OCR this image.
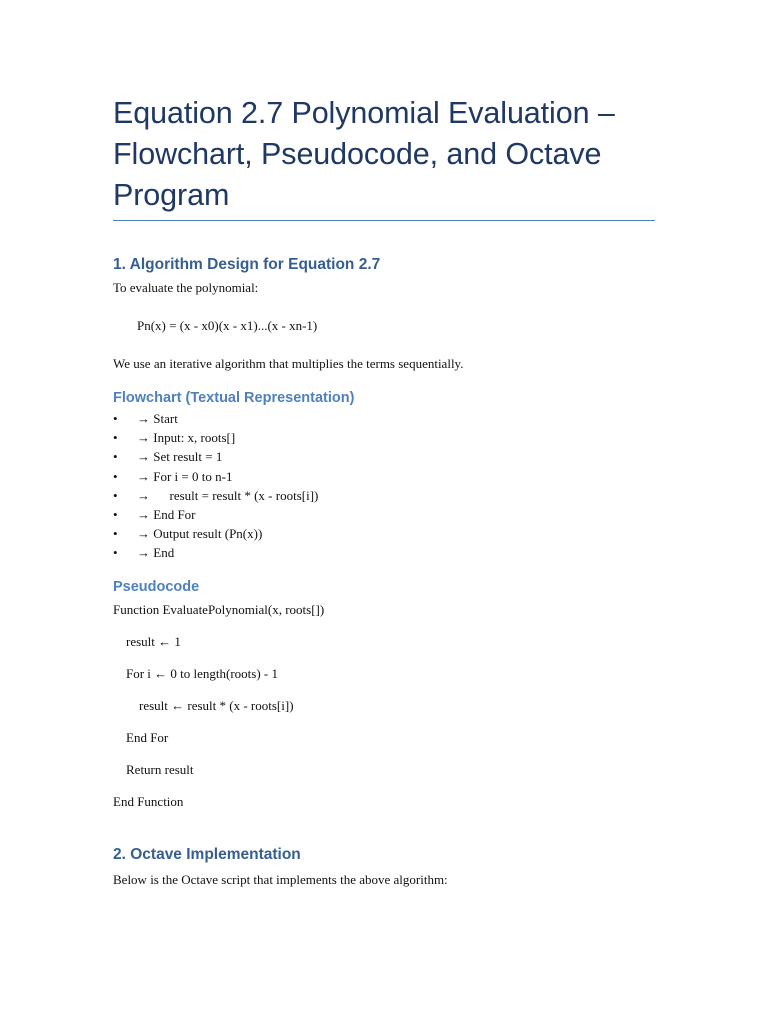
Equation 2.7 Polynomial Evaluation – Flowchart, Pseudocode, and Octave Program
1. Algorithm Design for Equation 2.7

To evaluate the polynomial:

Pn(x) = (x - x0)(x - x1)...(x - xn-1)

We use an iterative algorithm that multiplies the terms sequentially.

Flowchart (Textual Representation)
• → Start
• → Input: x, roots[]
• → Set result = 1
• → For i = 0 to n-1
• →      result = result * (x - roots[i])
• → End For
• → Output result (Pn(x))
• → End
Pseudocode

Function EvaluatePolynomial(x, roots[])

result ← 1

For i ← 0 to length(roots) - 1

result ← result * (x - roots[i])

End For

Return result

End Function

2. Octave Implementation

Below is the Octave script that implements the above algorithm:
